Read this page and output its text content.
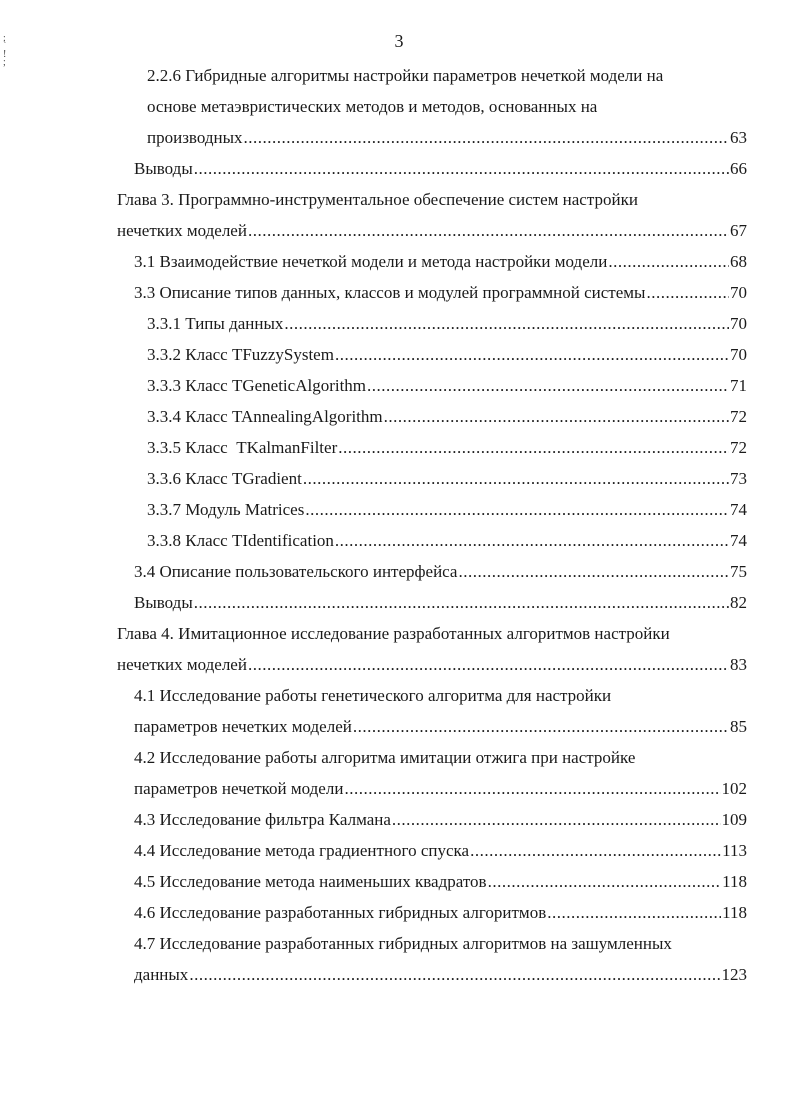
:
`
!
;
3
2.2.6 Гибридные алгоритмы настройки параметров нечеткой модели на
основе метаэвристических методов и методов, основанных на
производных .....	63
Выводы .....	66
Глава 3. Программно-инструментальное обеспечение систем настройки
нечетких моделей .....	67
3.1 Взаимодействие нечеткой модели и метода настройки модели .....	68
3.3 Описание типов данных, классов и модулей программной системы .....	70
3.3.1 Типы данных .....	70
3.3.2 Класс TFuzzySystem .....	70
3.3.3 Класс TGeneticAlgorithm .....	71
3.3.4 Класс TAnnealingAlgorithm .....	72
3.3.5 Класс  TKalmanFilter .....	72
3.3.6 Класс TGradient .....	73
3.3.7 Модуль Matrices .....	74
3.3.8 Класс TIdentification .....	74
3.4 Описание пользовательского интерфейса .....	75
Выводы .....	82
Глава 4. Имитационное исследование разработанных алгоритмов настройки
нечетких моделей .....	83
4.1 Исследование работы генетического алгоритма для настройки
параметров нечетких моделей .....	85
4.2 Исследование работы алгоритма имитации отжига при настройке
параметров нечеткой модели .....	102
4.3 Исследование фильтра Калмана .....	109
4.4 Исследование метода градиентного спуска .....	113
4.5 Исследование метода наименьших квадратов .....	118
4.6 Исследование разработанных гибридных алгоритмов .....	118
4.7 Исследование разработанных гибридных алгоритмов на зашумленных
данных .....	123
